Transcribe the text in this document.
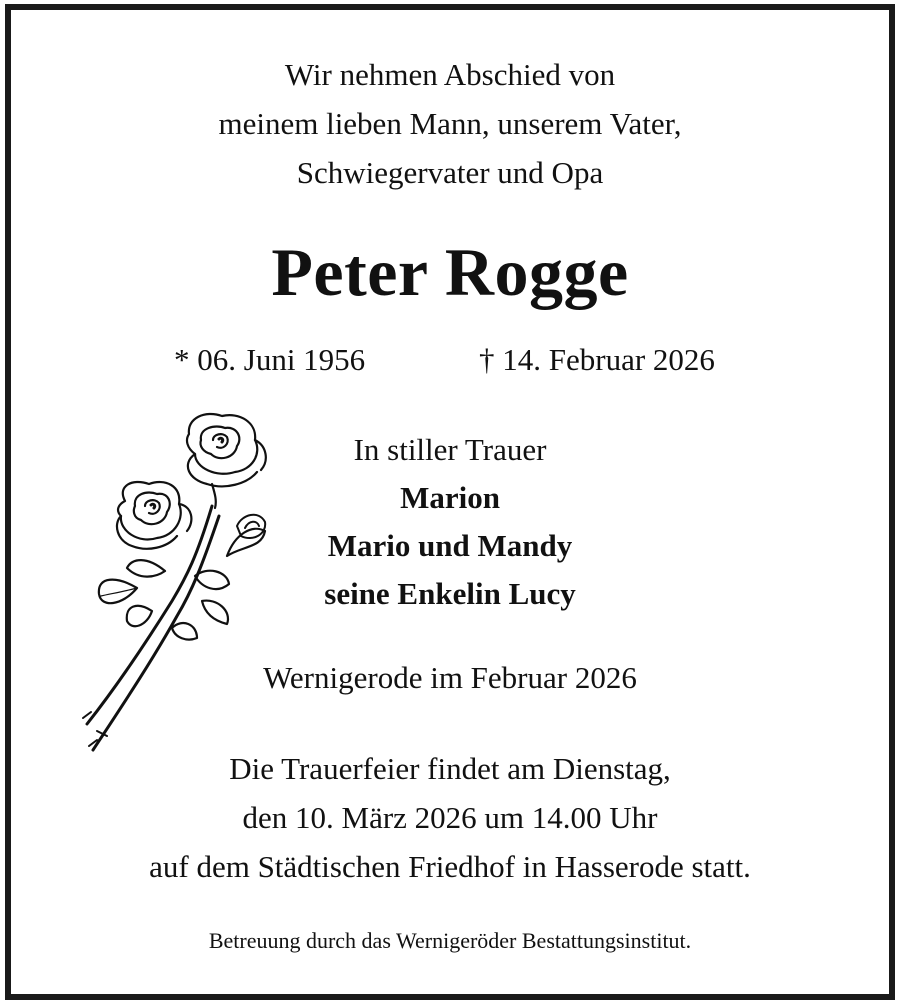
Wir nehmen Abschied von
meinem lieben Mann, unserem Vater,
Schwiegervater und Opa
Peter Rogge
* 06. Juni 1956	† 14. Februar 2026
In stiller Trauer
Marion
Mario und Mandy
seine Enkelin Lucy
Wernigerode im Februar 2026
Die Trauerfeier findet am Dienstag,
den 10. März 2026 um 14.00 Uhr
auf dem Städtischen Friedhof in Hasserode statt.
Betreuung durch das Wernigeröder Bestattungsinstitut.
